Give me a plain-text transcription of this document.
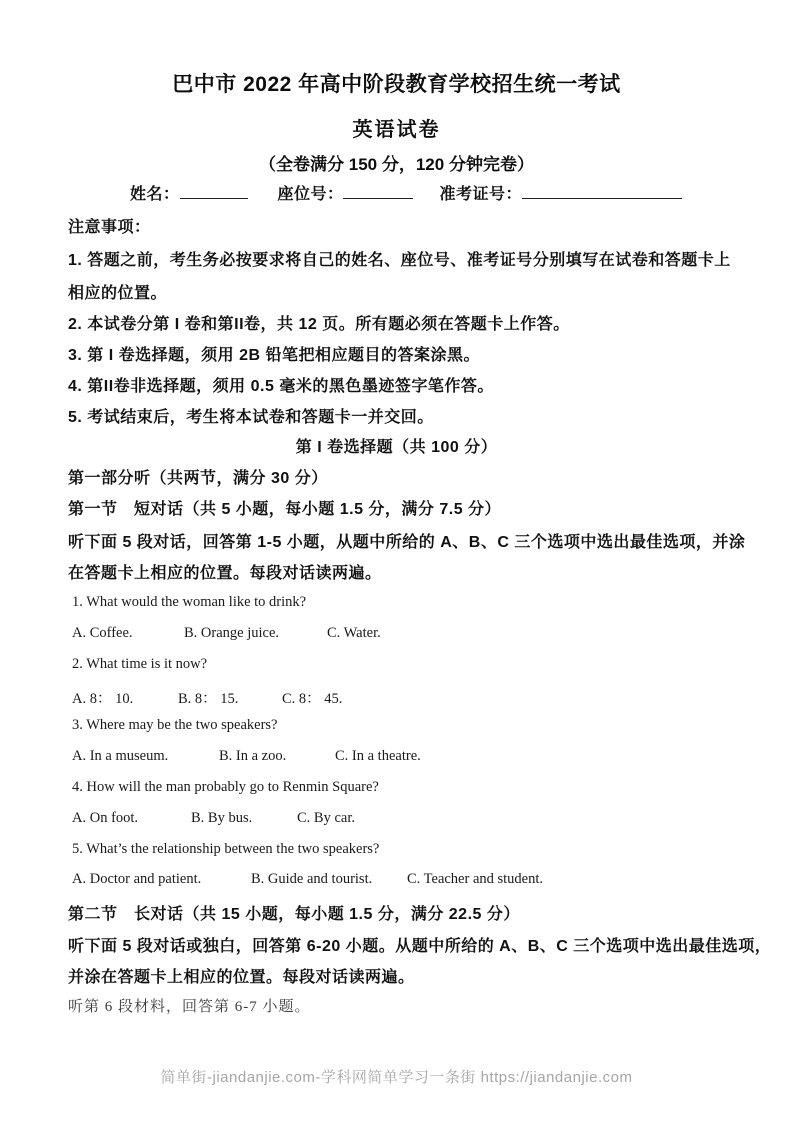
巴中市 2022 年高中阶段教育学校招生统一考试
英语试卷
（全卷满分 150 分，120 分钟完卷）
姓名：	座位号：	准考证号：
注意事项：
1. 答题之前，考生务必按要求将自己的姓名、座位号、准考证号分别填写在试卷和答题卡上
相应的位置。
2. 本试卷分第 I 卷和第II卷，共 12 页。所有题必须在答题卡上作答。
3. 第 I 卷选择题，须用 2B 铅笔把相应题目的答案涂黑。
4. 第II卷非选择题，须用 0.5 毫米的黑色墨迹签字笔作答。
5. 考试结束后，考生将本试卷和答题卡一并交回。
第 I 卷选择题（共 100 分）
第一部分听（共两节，满分 30 分）
第一节　短对话（共 5 小题，每小题 1.5 分，满分 7.5 分）
听下面 5 段对话，回答第 1-5 小题，从题中所给的 A、B、C 三个选项中选出最佳选项，并涂
在答题卡上相应的位置。每段对话读两遍。
1. What would the woman like to drink?
A. Coffee.	B. Orange juice.	C. Water.
2. What time is it now?
A. 8： 10.	B. 8： 15.	C. 8： 45.
3. Where may be the two speakers?
A. In a museum.	B. In a zoo.	C. In a theatre.
4. How will the man probably go to Renmin Square?
A. On foot.	B. By bus.	C. By car.
5. What’s the relationship between the two speakers?
A. Doctor and patient.	B. Guide and tourist.	C. Teacher and student.
第二节　长对话（共 15 小题，每小题 1.5 分，满分 22.5 分）
听下面 5 段对话或独白，回答第 6-20 小题。从题中所给的 A、B、C 三个选项中选出最佳选项，
并涂在答题卡上相应的位置。每段对话读两遍。
听第 6 段材料，回答第 6-7 小题。
简单街-jiandanjie.com-学科网简单学习一条街 https://jiandanjie.com
